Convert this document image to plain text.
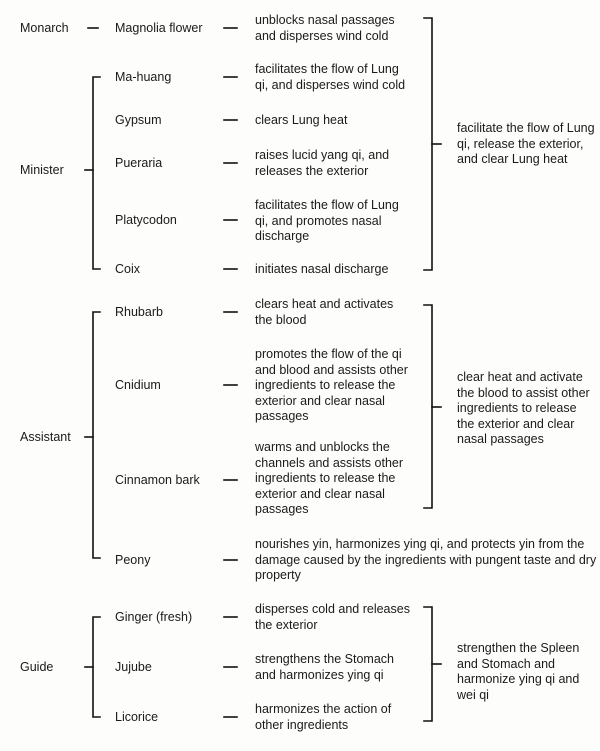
Monarch
Minister
Assistant
Guide
Magnolia flower
Ma-huang
Gypsum
Pueraria
Platycodon
Coix
Rhubarb
Cnidium
Cinnamon bark
Peony
Ginger (fresh)
Jujube
Licorice
unblocks nasal passages
and disperses wind cold
facilitates the flow of Lung
qi, and disperses wind cold
clears Lung heat
raises lucid yang qi, and
releases the exterior
facilitates the flow of Lung
qi, and promotes nasal
discharge
initiates nasal discharge
clears heat and activates
the blood
promotes the flow of the qi
and blood and assists other
ingredients to release the
exterior and clear nasal
passages
warms and unblocks the
channels and assists other
ingredients to release the
exterior and clear nasal
passages
nourishes yin, harmonizes ying qi, and protects yin from the
damage caused by the ingredients with pungent taste and dry
property
disperses cold and releases
the exterior
strengthens the Stomach
and harmonizes ying qi
harmonizes the action of
other ingredients
facilitate the flow of Lung
qi, release the exterior,
and clear Lung heat
clear heat and activate
the blood to assist other
ingredients to release
the exterior and clear
nasal passages
strengthen the Spleen
and Stomach and
harmonize ying qi and
wei qi
